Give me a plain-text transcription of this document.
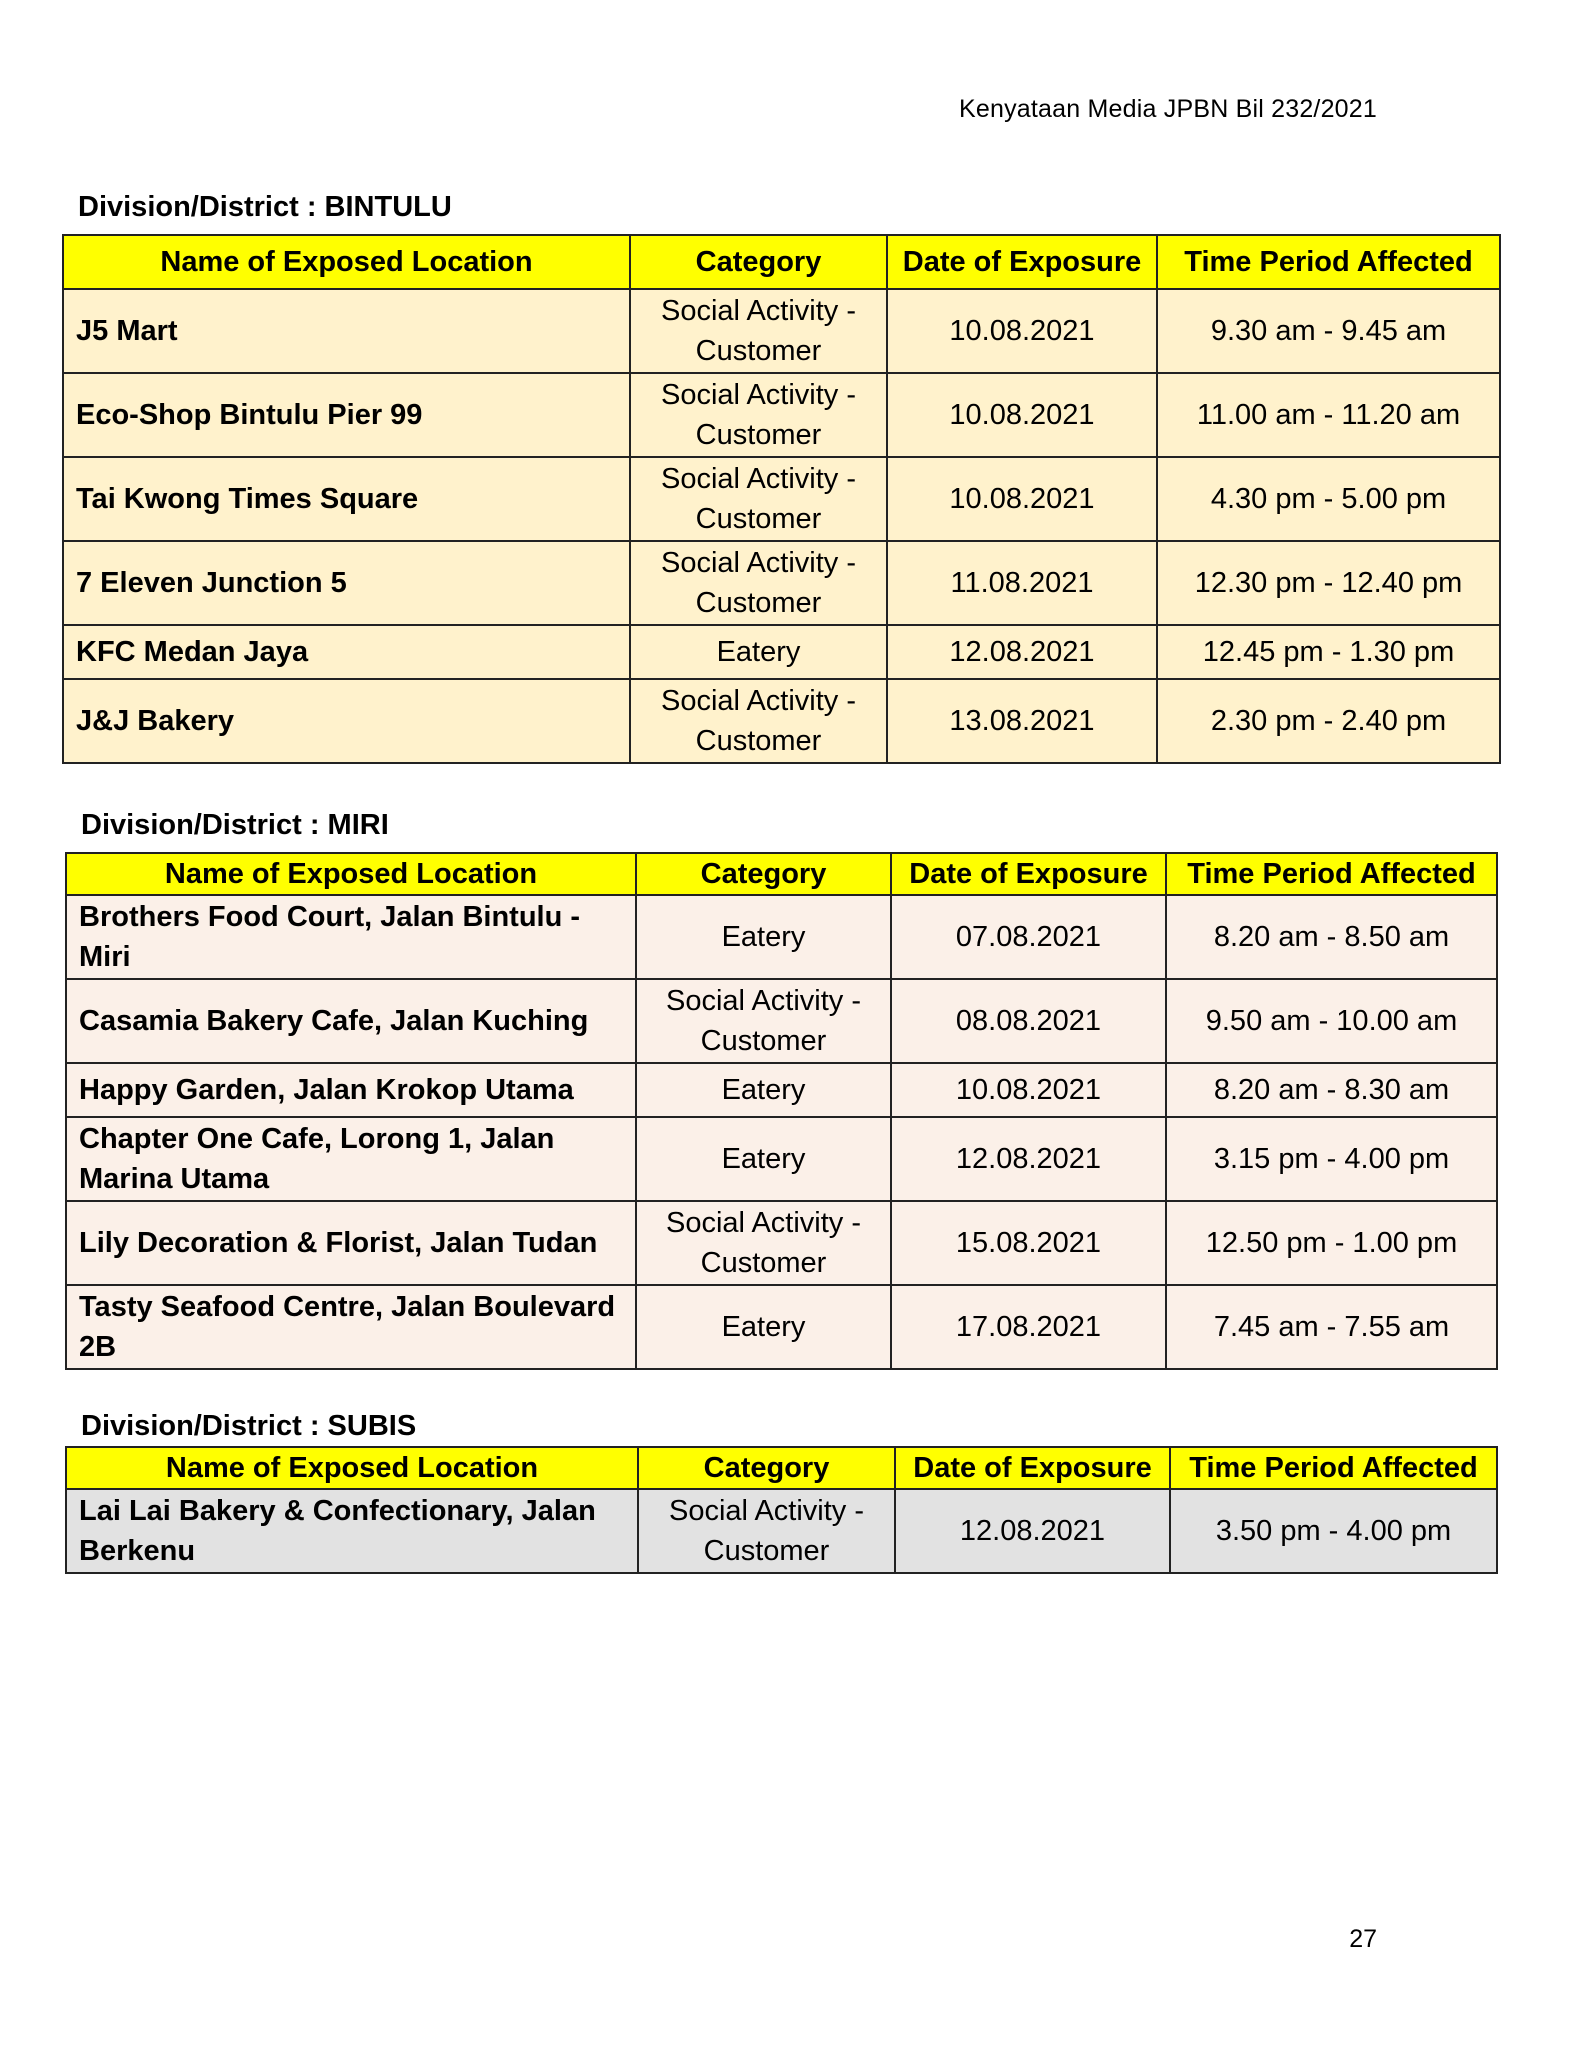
Kenyataan Media JPBN Bil 232/2021
Division/District : BINTULU
Name of Exposed Location	Category	Date of Exposure	Time Period Affected
J5 Mart	Social Activity - Customer	10.08.2021	9.30 am - 9.45 am
Eco-Shop Bintulu Pier 99	Social Activity - Customer	10.08.2021	11.00 am - 11.20 am
Tai Kwong Times Square	Social Activity - Customer	10.08.2021	4.30 pm - 5.00 pm
7 Eleven Junction 5	Social Activity - Customer	11.08.2021	12.30 pm - 12.40 pm
KFC Medan Jaya	Eatery	12.08.2021	12.45 pm - 1.30 pm
J&J Bakery	Social Activity - Customer	13.08.2021	2.30 pm - 2.40 pm
Division/District : MIRI
Name of Exposed Location	Category	Date of Exposure	Time Period Affected
Brothers Food Court, Jalan Bintulu - Miri	Eatery	07.08.2021	8.20 am - 8.50 am
Casamia Bakery Cafe, Jalan Kuching	Social Activity - Customer	08.08.2021	9.50 am - 10.00 am
Happy Garden, Jalan Krokop Utama	Eatery	10.08.2021	8.20 am - 8.30 am
Chapter One Cafe, Lorong 1, Jalan Marina Utama	Eatery	12.08.2021	3.15 pm - 4.00 pm
Lily Decoration & Florist, Jalan Tudan	Social Activity - Customer	15.08.2021	12.50 pm - 1.00 pm
Tasty Seafood Centre, Jalan Boulevard 2B	Eatery	17.08.2021	7.45 am - 7.55 am
Division/District : SUBIS
Name of Exposed Location	Category	Date of Exposure	Time Period Affected
Lai Lai Bakery & Confectionary, Jalan Berkenu	Social Activity - Customer	12.08.2021	3.50 pm - 4.00 pm
27
